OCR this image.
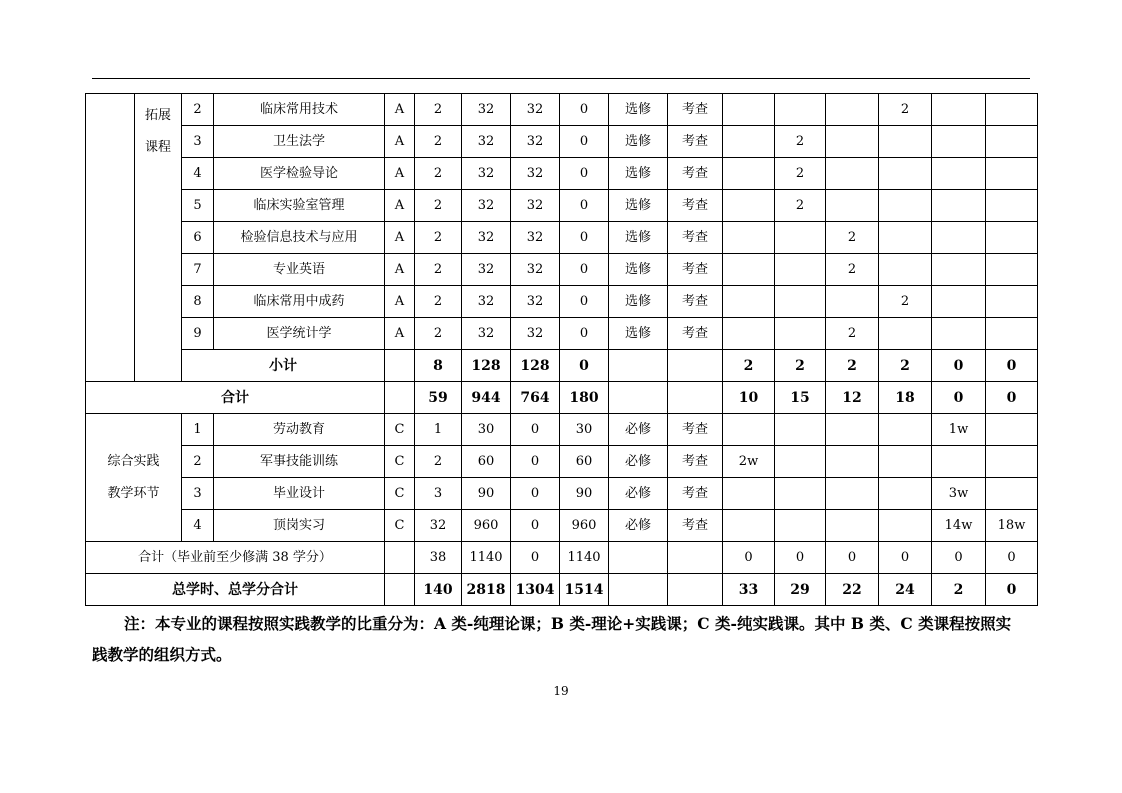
	拓展
课程	2	临床常用技术	A	2	32	32	0	选修	考查				2		
		3	卫生法学	A	2	32	32	0	选修	考查		2				
		4	医学检验导论	A	2	32	32	0	选修	考查		2				
		5	临床实验室管理	A	2	32	32	0	选修	考查		2				
		6	检验信息技术与应用	A	2	32	32	0	选修	考查			2			
		7	专业英语	A	2	32	32	0	选修	考查			2			
		8	临床常用中成药	A	2	32	32	0	选修	考查				2		
		9	医学统计学	A	2	32	32	0	选修	考查			2			
		小计			8	128	128	0			2	2	2	2	0	0
合计					59	944	764	180			10	15	12	18	0	0

综合实践
教学环节		1	劳动教育	C	1	30	0	30	必修	考查					1w	
		2	军事技能训练	C	2	60	0	60	必修	考查	2w					
		3	毕业设计	C	3	90	0	90	必修	考查					3w	
		4	顶岗实习	C	32	960	0	960	必修	考查					14w	18w
合计（毕业前至少修满 38 学分）					38	1140	0	1140			0	0	0	0	0	0
总学时、总学分合计					140	2818	1304	1514			33	29	22	24	2	0
注：本专业的课程按照实践教学的比重分为：A 类-纯理论课；B 类-理论+实践课；C 类-纯实践课。其中 B 类、C 类课程按照实
践教学的组织方式。
19
